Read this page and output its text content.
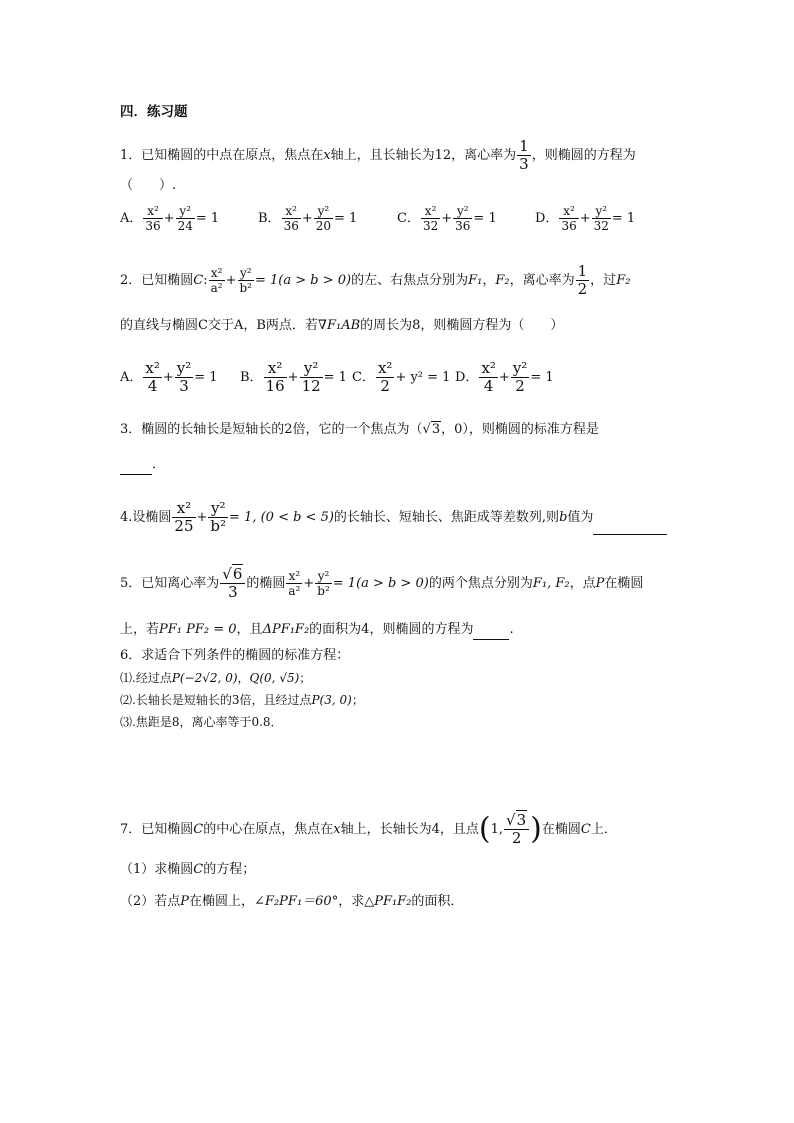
四．练习题
1．已知椭圆的中点在原点，焦点在x轴上，且长轴长为12，离心率为 $\frac{1}{3}$ ，则椭圆的方程为
（　　）.
A． $\frac{\text{x²}}{36} + \frac{\text{y²}}{24} = 1$	B． $\frac{\text{x²}}{36} + \frac{\text{y²}}{20} = 1$	C． $\frac{\text{x²}}{32} + \frac{\text{y²}}{36} = 1$	D． $\frac{\text{x²}}{36} + \frac{\text{y²}}{32} = 1$
2．已知椭圆C: $\frac{\text{x²}}{\text{a²}} + \frac{\text{y²}}{\text{b²}} = 1(a > b > 0)$的左、右焦点分别为F₁，F₂，离心率为 $\frac{1}{2}$ ，过F₂
的直线与椭圆C交于A，B两点．若∇F₁AB的周长为8，则椭圆方程为（　　）
A． $\frac{\text{x²}}{4} + \frac{\text{y²}}{3} = 1$ B． $\frac{\text{x²}}{16} + \frac{\text{y²}}{12} = 1$ C． $\frac{\text{x²}}{2} + y^2 = 1$ D． $\frac{\text{x²}}{4} + \frac{\text{y²}}{2} = 1$
3．椭圆的长轴长是短轴长的2倍，它的一个焦点为（√3，0），则椭圆的标准方程是
．
4.设椭圆 $\frac{\text{x²}}{25} + \frac{\text{y²}}{\text{b²}} = 1$, (0 < b < 5)的长轴长、短轴长、焦距成等差数列,则b值为
5．已知离心率为 $\frac{√6}{3}$ 的椭圆 $\frac{\text{x²}}{\text{a²}} + \frac{\text{y²}}{\text{b²}} = 1(a > b > 0)$的两个焦点分别为F₁, F₂，点P在椭圆
上，若PF₁ PF₂ = 0，且ΔPF₁F₂的面积为4，则椭圆的方程为	.
6．求适合下列条件的椭圆的标准方程：
⑴.经过点P(−2√2, 0)，Q(0, √5)；
⑵.长轴长是短轴长的3倍，且经过点P(3, 0)；
⑶.焦距是8，离心率等于0.8．
7．已知椭圆C的中心在原点，焦点在x轴上，长轴长为4，且点(1, $\frac{√3}{2}$ )在椭圆C上．
（1）求椭圆C的方程；
（2）若点P在椭圆上，∠F₂PF₁＝60°，求△PF₁F₂的面积．
